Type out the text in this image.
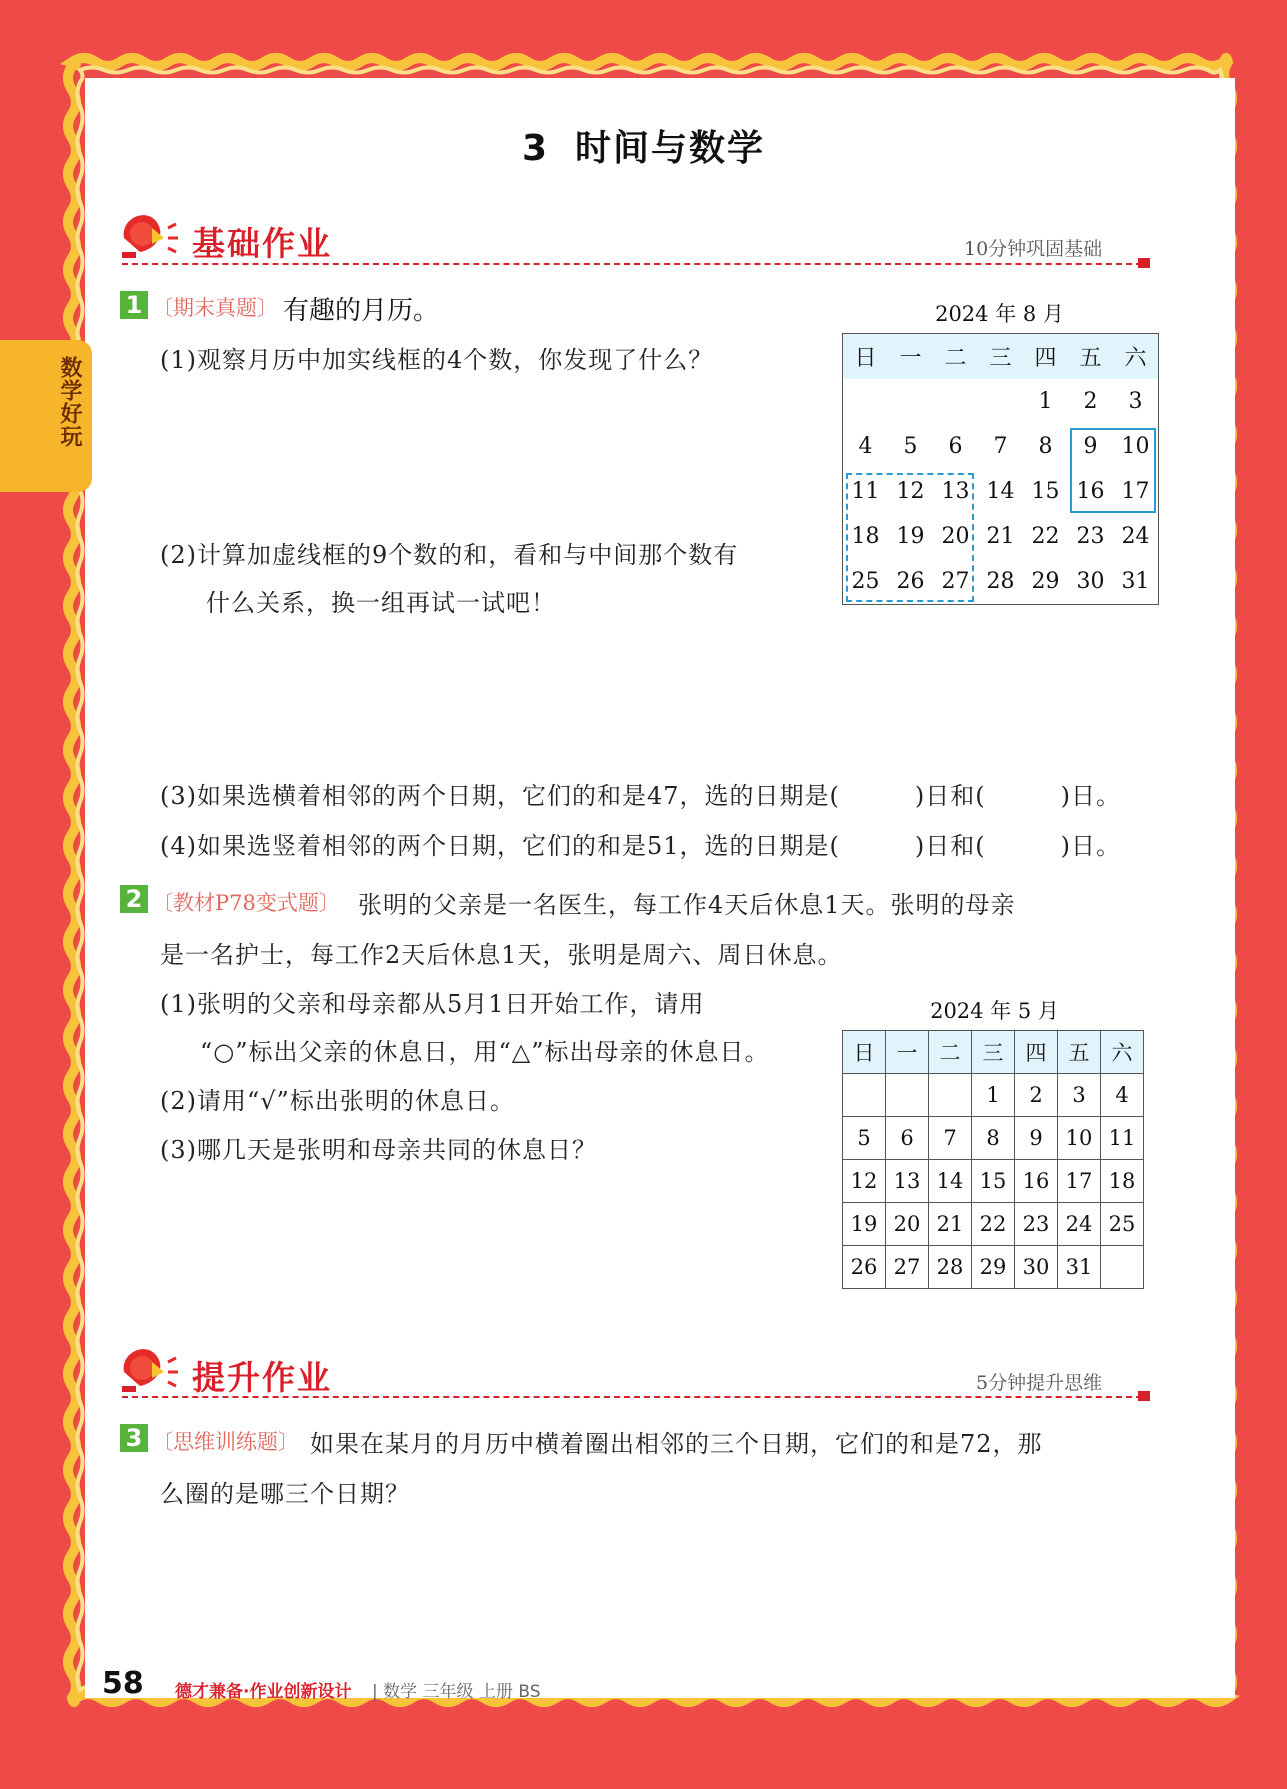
数学好玩
3 时间与数学
基础作业	10分钟巩固基础
1 〔期末真题〕 有趣的月历。
(1)观察月历中加实线框的4个数，你发现了什么？
(2)计算加虚线框的9个数的和，看和与中间那个数有
什么关系，换一组再试一试吧！
(3)如果选横着相邻的两个日期，它们的和是47，选的日期是(　　　)日和(　　　)日。
(4)如果选竖着相邻的两个日期，它们的和是51，选的日期是(　　　)日和(　　　)日。
2024 年 8 月
日	一	二	三	四	五	六
				1	2	3
4	5	6	7	8	9	10
11	12	13	14	15	16	17
18	19	20	21	22	23	24
25	26	27	28	29	30	31
2 〔教材P78变式题〕 张明的父亲是一名医生，每工作4天后休息1天。张明的母亲
是一名护士，每工作2天后休息1天，张明是周六、周日休息。
(1)张明的父亲和母亲都从5月1日开始工作，请用
“○”标出父亲的休息日，用“△”标出母亲的休息日。
(2)请用“√”标出张明的休息日。
(3)哪几天是张明和母亲共同的休息日？
2024 年 5 月
日	一	二	三	四	五	六
			1	2	3	4
5	6	7	8	9	10	11
12	13	14	15	16	17	18
19	20	21	22	23	24	25
26	27	28	29	30	31	
提升作业	5分钟提升思维
3 〔思维训练题〕 如果在某月的月历中横着圈出相邻的三个日期，它们的和是72，那
么圈的是哪三个日期？
58 德才兼备·作业创新设计 | 数学 三年级 上册 BS
